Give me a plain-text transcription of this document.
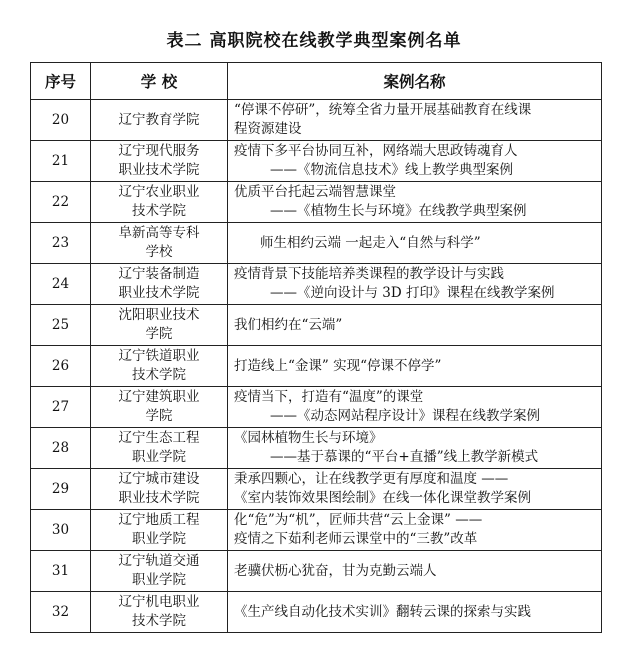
表二 高职院校在线教学典型案例名单
序号	学 校	案例名称
20	辽宁教育学院	“停课不停研”，统筹全省力量开展基础教育在线课
程资源建设

21	辽宁现代服务
职业技术学院	疫情下多平台协同互补，网络端大思政铸魂育人
——《物流信息技术》线上教学典型案例

22	辽宁农业职业
技术学院	优质平台托起云端智慧课堂
——《植物生长与环境》在线教学典型案例

23	阜新高等专科
学校	师生相约云端 一起走入“自然与科学”

24	辽宁装备制造
职业技术学院	疫情背景下技能培养类课程的教学设计与实践
——《逆向设计与 3D 打印》课程在线教学案例

25	沈阳职业技术
学院	我们相约在“云端”

26	辽宁铁道职业
技术学院	打造线上“金课” 实现“停课不停学”

27	辽宁建筑职业
学院	疫情当下，打造有“温度”的课堂
——《动态网站程序设计》课程在线教学案例

28	辽宁生态工程
职业学院	《园林植物生长与环境》
——基于慕课的“平台+直播”线上教学新模式

29	辽宁城市建设
职业技术学院	秉承四颗心，让在线教学更有厚度和温度 ——
《室内装饰效果图绘制》在线一体化课堂教学案例

30	辽宁地质工程
职业学院	化“危”为“机”，匠师共营“云上金课” ——
疫情之下茹利老师云课堂中的“三教”改革

31	辽宁轨道交通
职业学院	老骥伏枥心犹奋，甘为克勤云端人

32	辽宁机电职业
技术学院	《生产线自动化技术实训》翻转云课的探索与实践
